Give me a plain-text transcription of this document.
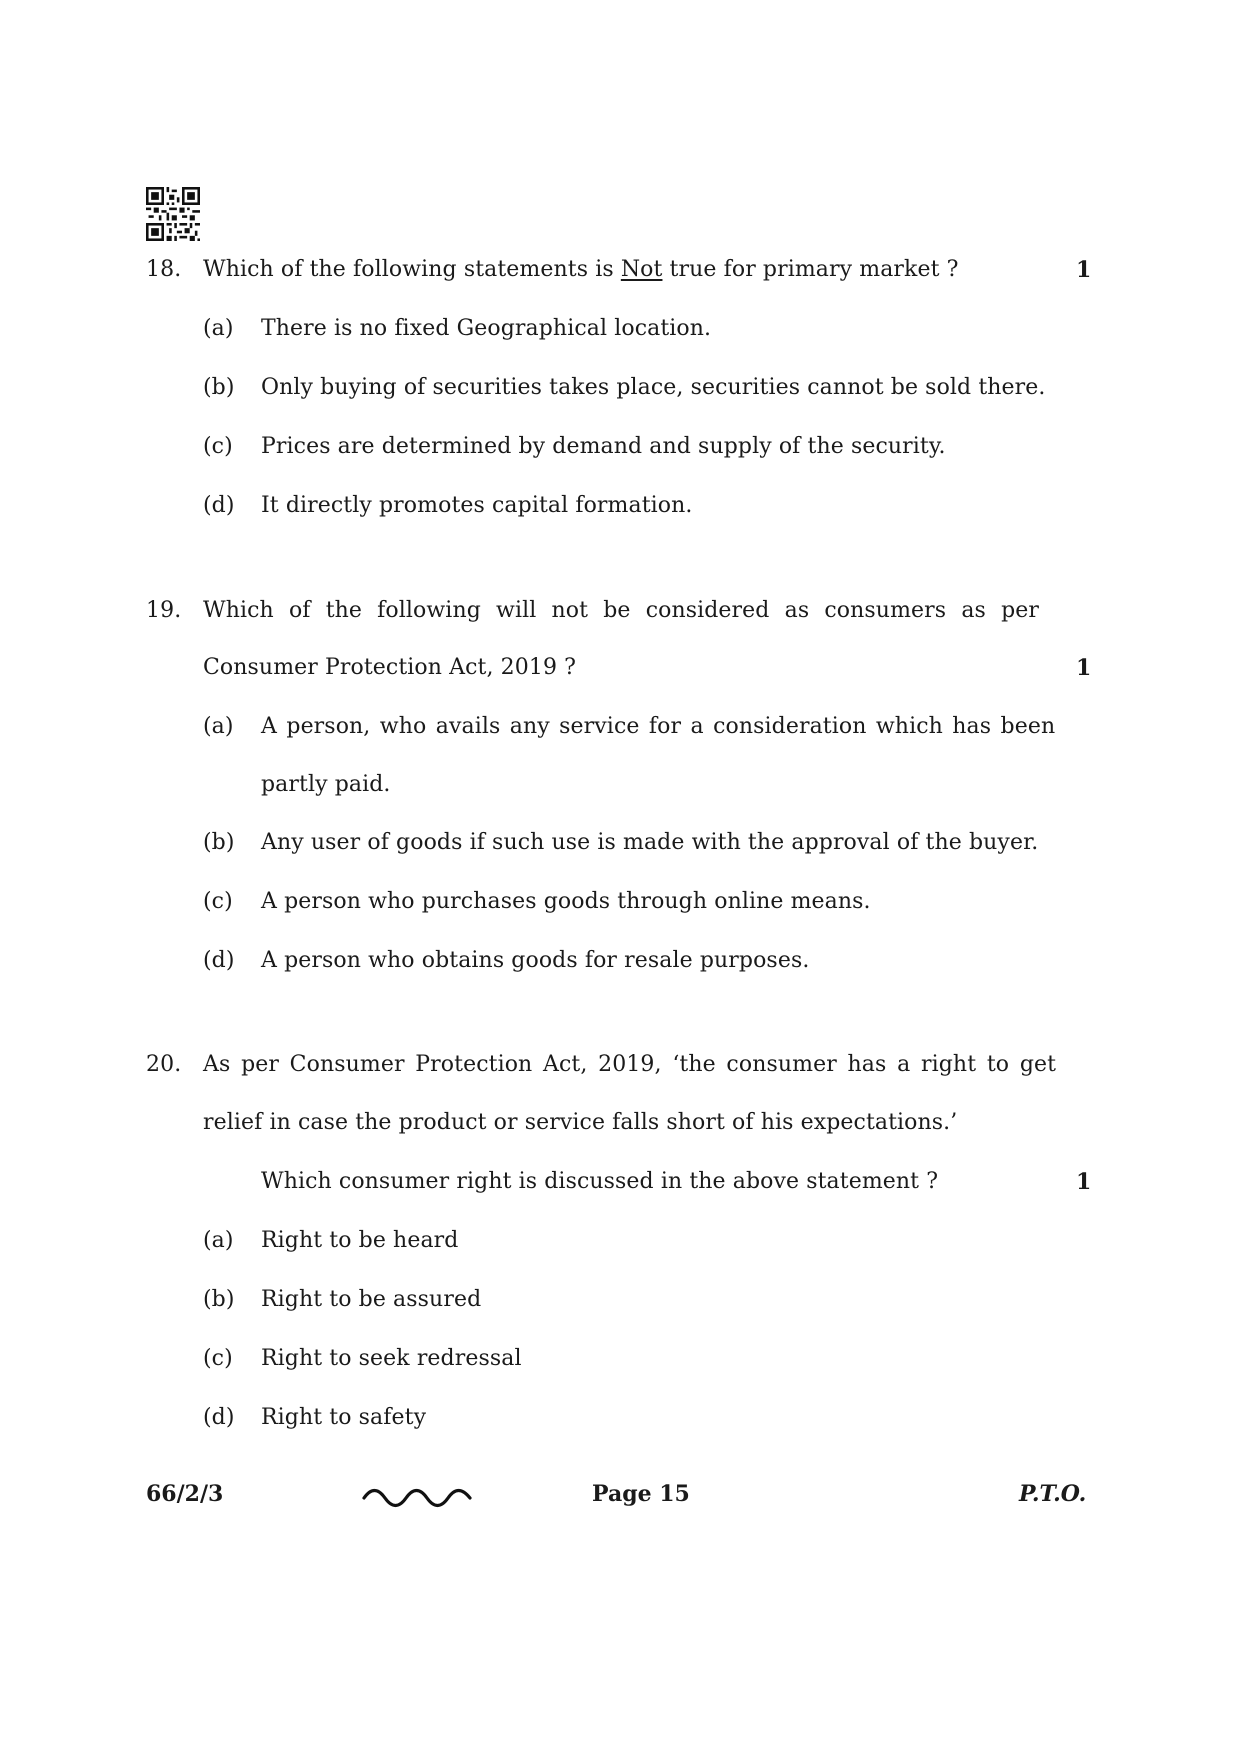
18. Which of the following statements is Not true for primary market ?	1
(a) There is no fixed Geographical location.
(b) Only buying of securities takes place, securities cannot be sold there.
(c) Prices are determined by demand and supply of the security.
(d) It directly promotes capital formation.
19. Which of the following will not be considered as consumers as per
Consumer Protection Act, 2019 ?	1
(a) A person, who avails any service for a consideration which has been
partly paid.
(b) Any user of goods if such use is made with the approval of the buyer.
(c) A person who purchases goods through online means.
(d) A person who obtains goods for resale purposes.
20. As per Consumer Protection Act, 2019, ‘the consumer has a right to get
relief in case the product or service falls short of his expectations.’
Which consumer right is discussed in the above statement ?	1
(a) Right to be heard
(b) Right to be assured
(c) Right to seek redressal
(d) Right to safety
66/2/3	Page 15	P.T.O.
